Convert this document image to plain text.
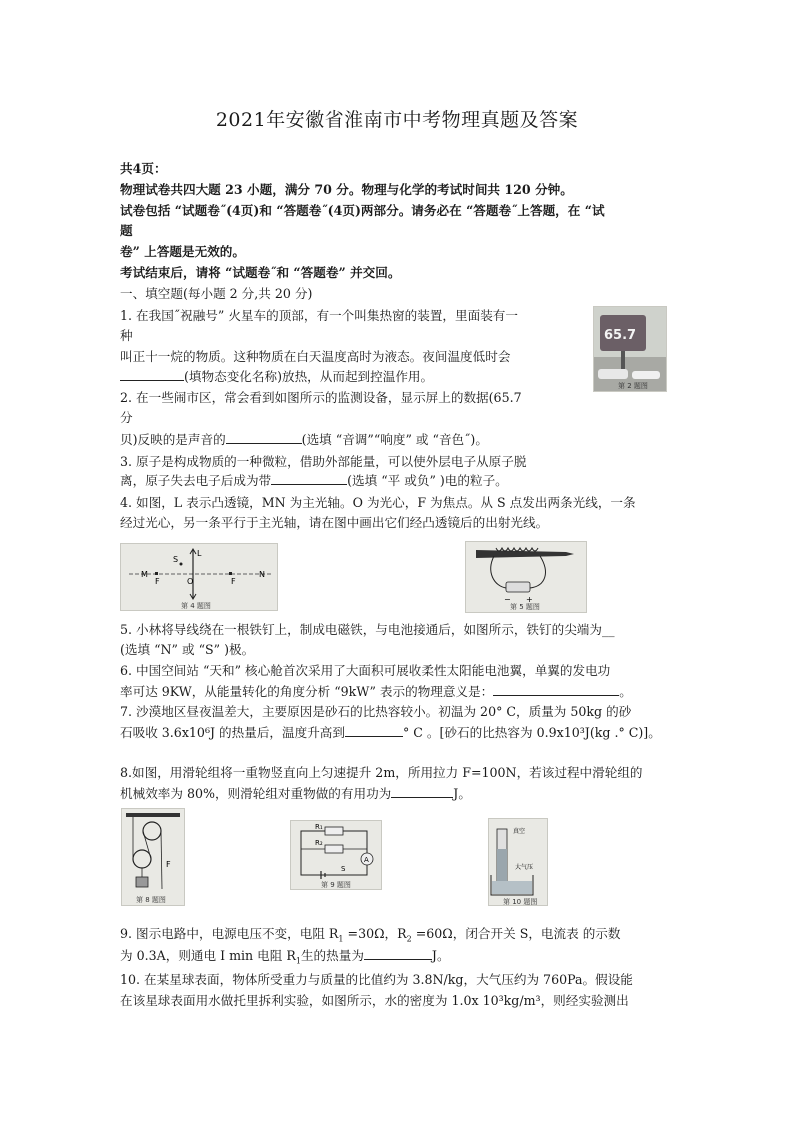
2021年安徽省淮南市中考物理真题及答案
共4页：
物理试卷共四大题 23 小题，满分 70 分。物理与化学的考试时间共 120 分钟。
试卷包括 “试题卷˝(4页)和 “答题卷˝(4页)两部分。请务必在 “答题卷˝上答题，在 “试
题
卷” 上答题是无效的。
考试结束后，请将 “试题卷˝和 “答题卷” 并交回。
一、填空题(每小题 2 分,共 20 分)
1. 在我国˝祝融号” 火星车的顶部，有一个叫集热窗的装置，里面装有一
种
叫正十一烷的物质。这种物质在白天温度高时为液态。夜间温度低时会
(填物态变化名称)放热，从而起到控温作用。
65.7
第 2 题图
2. 在一些闹市区，常会看到如图所示的监测设备，显示屏上的数据(65.7
分
贝)反映的是声音的	(选填 “音调”“响度” 或 “音色˝)。
3. 原子是构成物质的一种微粒，借助外部能量，可以使外层电子从原子脱
离，原子失去电子后成为带	(选填 “平 或负” )电的粒子。
4. 如图，L 表示凸透镜，MN 为主光轴。O 为光心，F 为焦点。从 S 点发出两条光线，一条
经过光心，另一条平行于主光轴，请在图中画出它们经凸透镜后的出射光线。
M
S
L
F	O	F
N
第 4 题图
− +
第 5 题图
5. 小林将导线绕在一根铁钉上，制成电磁铁，与电池接通后，如图所示，铁钉的尖端为__
(选填 “N” 或 “S” )极。
6. 中国空间站 “天和” 核心舱首次采用了大面积可展收柔性太阳能电池翼，单翼的发电功
率可达 9KW，从能量转化的角度分析 “9kW” 表示的物理意义是：	。
7. 沙漠地区昼夜温差大，主要原因是砂石的比热容较小。初温为 20° C，质量为 50kg 的砂
石吸收 3.6x10⁶J 的热量后，温度升高到	° C 。[砂石的比热容为 0.9x10³J(kg .° C)]。
8.如图，用滑轮组将一重物竖直向上匀速提升 2m，所用拉力 F=100N，若该过程中滑轮组的
机械效率为 80%，则滑轮组对重物做的有用功为	J。
F
第 8 题图
A
R₁
R₂
S
第 9 题图
真空
大气压
第 10 题图
9. 图示电路中，电源电压不变，电阻 $R_1 =30\Omega$，$R_2 =60\Omega$，闭合开关 S，电流表 的示数
为 0.3A，则通电 I min 电阻 $R_1$生的热量为	J。
10. 在某星球表面，物体所受重力与质量的比值约为 3.8N/kg，大气压约为 760Pa。假设能
在该星球表面用水做托里拆利实验，如图所示，水的密度为 1.0x 10³kg/m³，则经实验测出
